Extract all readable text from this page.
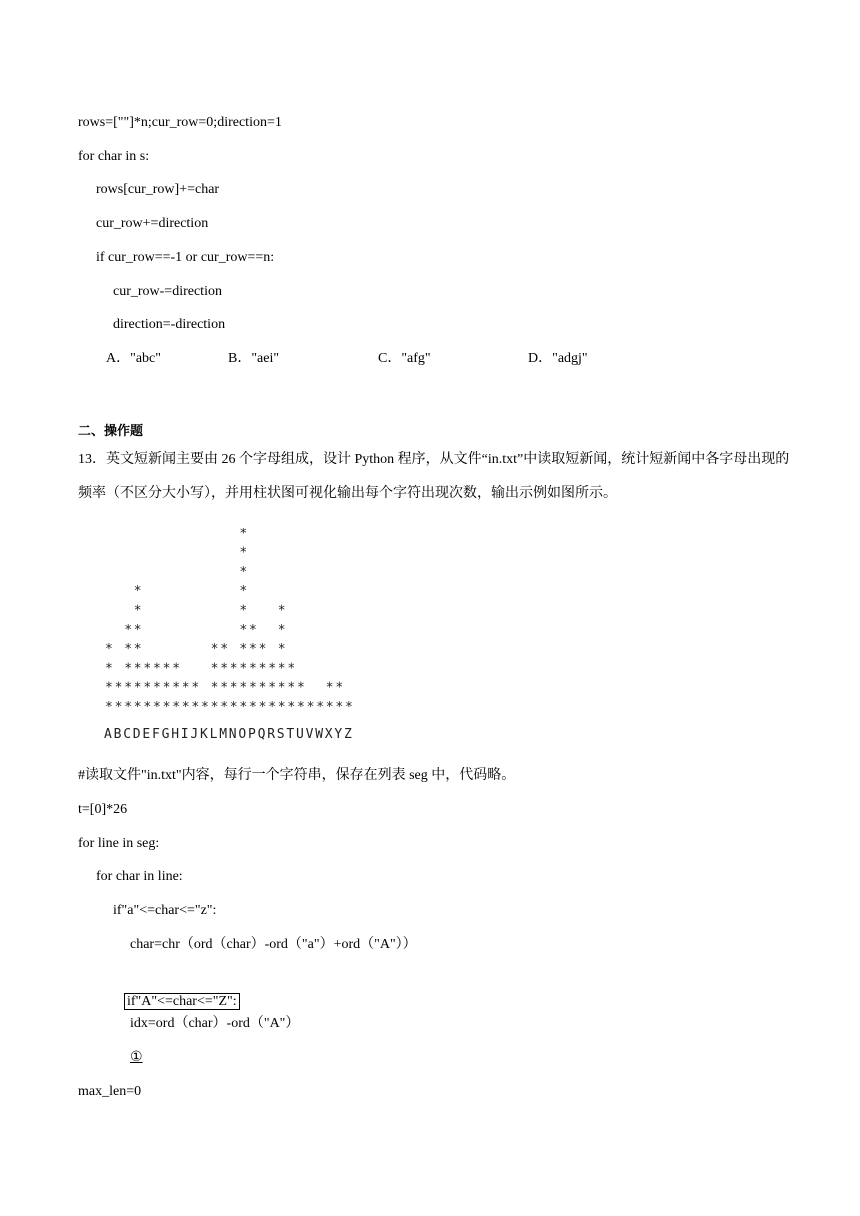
rows=[""]*n;cur_row=0;direction=1
for char in s:
rows[cur_row]+=char
cur_row+=direction
if cur_row==-1 or cur_row==n:
cur_row-=direction
direction=-direction
A．"abc"	B．"aei"	C．"afg"	D．"adgj"
二、操作题
13．英文短新闻主要由 26 个字母组成，设计 Python 程序，从文件“in.txt”中读取短新闻，统计短新闻中各字母出现的频率（不区分大小写），并用柱状图可视化输出每个字符出现次数，输出示例如图所示。
*
*
*
*
A
*
*
B
*
*
*
*
*
C
*
*
*
*
*
*
*
D
*
*
*
E
*
*
*
F
*
*
*
G
*
*
*
H
*
*
I
*
*
J
*
K
*
*
*
*
L
*
*
*
*
M
*
*
*
N
*
*
*
*
*
*
*
*
*
*
O
*
*
*
*
*
P
*
*
*
*
Q
*
*
*
R
*
*
*
*
*
*
S
*
*
*
T
*
*
U
*
V
*
W
*
*
X
*
*
Y
*
Z
#读取文件"in.txt"内容，每行一个字符串，保存在列表 seg 中，代码略。
t=[0]*26
for line in seg:
for char in line:
if"a"<=char<="z":
char=chr（ord（char）-ord（"a"）+ord（"A"））

if"A"<=char<="Z":

idx=ord（char）-ord（"A"）
①
max_len=0
